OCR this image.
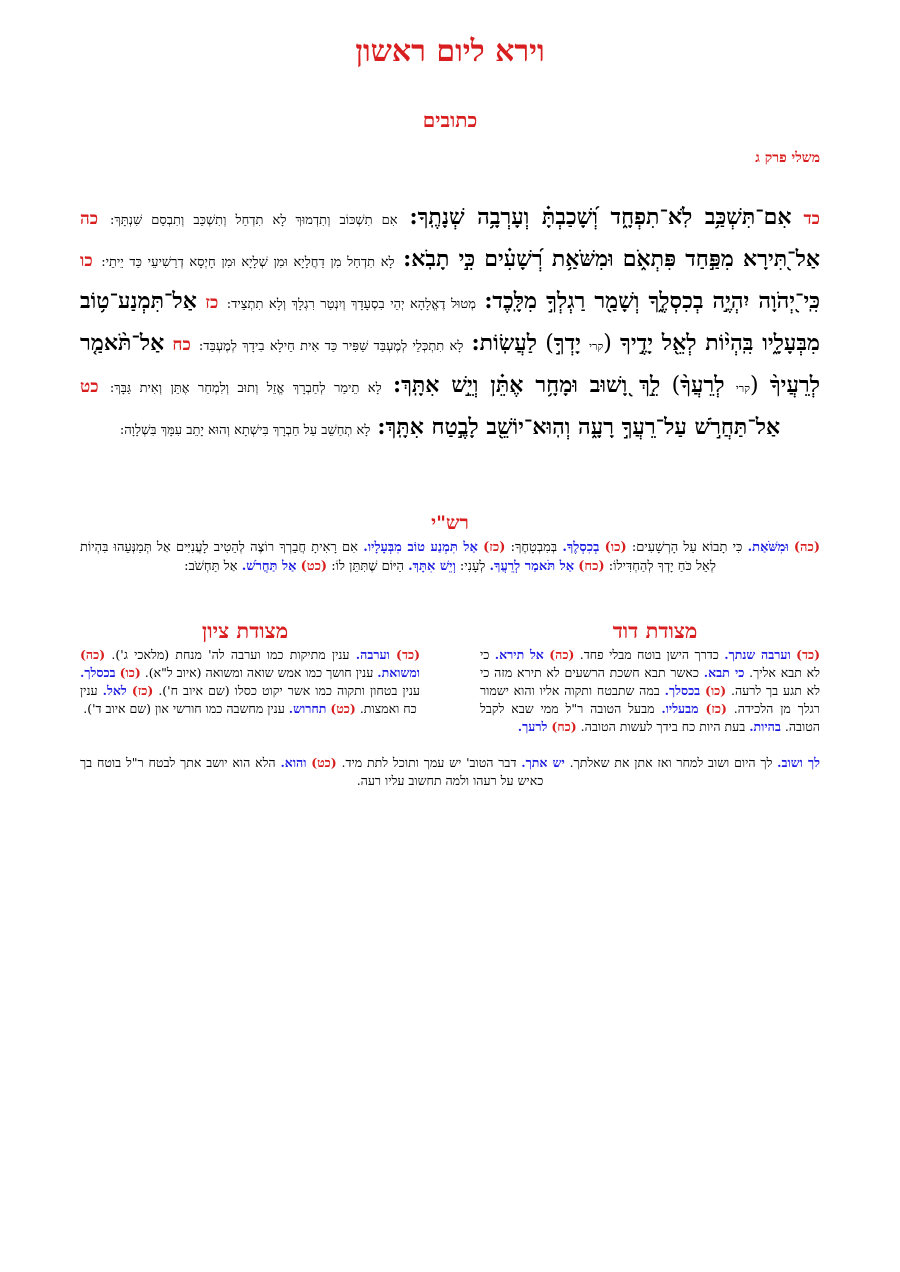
וירא ליום ראשון
כתובים
משלי פרק ג
כד אִם־תִּשְׁכַּ֥ב לֹֽא־תִפְחָ֑ד וְ֝שָׁכַבְתָּ֗ וְעָרְבָ֥ה שְׁנָתֶֽךָ: אִם תִשְׁכּוֹב וְתִדְמוּךְ לָא תִדְחַל וְתִשְׁכַּב וְתִבְסַם שִׁנְתָּךְ: כה אַל־֭תִּירָא מִפַּ֣חַד פִּתְאֹ֑ם וּמִשֹּׁאַ֥ת רְ֝שָׁעִ֗ים כִּ֣י תָבֹֽא: לָא תִדְחַל מִן דַחֲלָיָא וּמִן שְׁלָיָא וּמִן חָיְסָא דְרַשִׁיעֵי כַּד יֵיתֵי: כו כִּֽי־יְ֭הֹוָה יִהְיֶ֣ה בְכִסְלֶ֑ךָ וְשָׁמַ֖ר רַגְלְךָ֣ מִלָּֽכֶד: מְטוּל דֶאֱלָהָא יְהֵי בִסְעָדָךְ וְיִנְטַר רִגְלָךְ וְלָא תִתְצֵיד: כז אַל־תִּמְנַע־ט֥וֹב מִבְּעָלָ֑יו בִּֽהְי֨וֹת לְאֵ֖ל יָדֶ֣יךָ (קרי יָדְךָ֣) לַעֲשֽׂוֹת: לָא תִתְכְּלֵי לְמֶעְבַּד שַׁפִּיר כַּד אִית חֵילָא בִידָךְ לְמֶעְבַּד: כח אַל־תֹּ֨אמַ֤ר לְרֵעֲיךָ֨ (קרי לְרֵעֲךָ֨) לֵ֣ךְ וָ֭שׁוּב וּמָחָ֥ר אֶתֵּ֗ן וְיֵ֣שׁ אִתָּֽךְ: לָא תֵימַר לְחַבְרָךְ אֱזֵל וְתוּב וְלִמְחַר אֶתֵּן וְאִית גַּבָּךְ: כט אַל־תַּחֲרֹ֣שׁ עַל־רֵעֲךָ֣ רָעָ֑ה וְהֽוּא־יוֹשֵׁ֖ב לָבֶ֣טַח אִתָּֽךְ: לָא תְחַשֵׁב עַל חַבְרָךְ בִּישְׁתָא וְהוּא יָתֵב עִמָּךְ בִּשְׁלָוָה:
רש"י
(כה) וּמִשֹּׁאַת. כִּי תָבוֹא עַל הָרְשָׁעִים: (כו) בְכִסְלֶךָ. בְּמִבְטָחֶךָ: (כז) אַל תִּמְנַע טוֹב מִבְּעָלָיו. אִם רָאִיתָ חֲבֵרְךָ רוֹצֶה לְהֵטִיב לָעֲנִיִּים אַל תְּמַנְּעֵהוּ בִּהְיוֹת לְאֵל כֹּחַ יָדְךָ לְהַחְדִּילוֹ: (כח) אַל תֹּאמַר לְרֵעֲךָ. לְעָנִי: וְיֵשׁ אִתָּךְ. הַיּוֹם שֶׁתִּתֵּן לוֹ: (כט) אַל תַּחֲרֹשׁ. אַל תַּחְשֹׁב:
מצודת דוד
מצודת ציון
(כד) וערבה שנתך. כדרך הישן בוטח מבלי פחד. (כה) אל תירא. כי לא תבא אליך. כי תבא. כאשר תבא חשכת הרשעים לא תירא מזה כי לא תגע בך לרעה. (כו) בכסלך. במה שתבטח ותקוה אליו והוא ישמור רגלך מן הלכידה. (כז) מבעליו. מבעל הטובה ר"ל ממי שבא לקבל הטובה. בהיות. בעת היות כח בידך לעשות הטובה. (כח) לרעך.
(כד) וערבה. ענין מתיקות כמו וערבה לה' מנחת (מלאכי ג'). (כה) ומשואת. ענין חושך כמו אמש שואה ומשואה (איוב ל"א). (כו) בכסלך. ענין בטחון ותקוה כמו אשר יקוט כסלו (שם איוב ח'). (כז) לאל. ענין כח ואמצות. (כט) תחרוש. ענין מחשבה כמו חורשי און (שם איוב ד').
לך ושוב. לך היום ושוב למחר ואז אתן את שאלתך. יש אתך. דבר הטוב' יש עמך ותוכל לתת מיד. (כט) והוא. הלא הוא יושב אתך לבטח ר"ל בוטח בך כאיש על רעהו ולמה תחשוב עליו רעה.
